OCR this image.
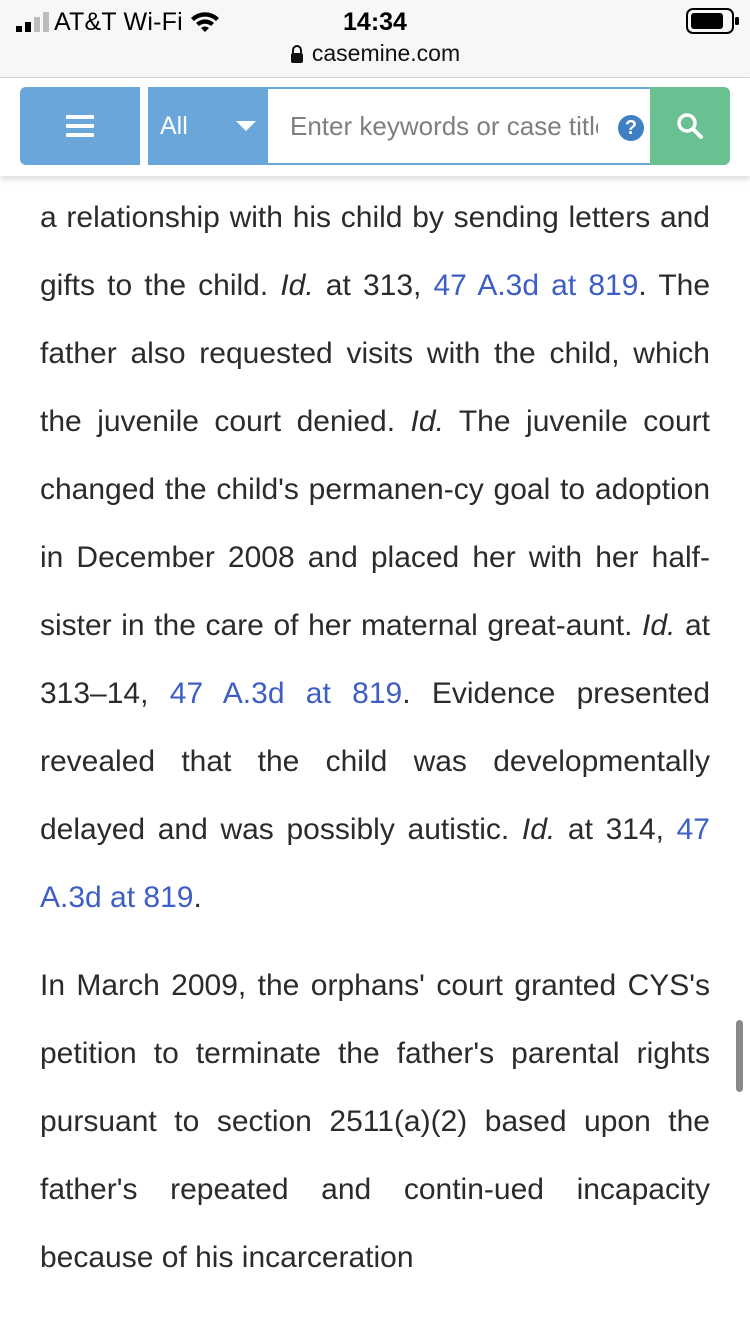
AT&T Wi-Fi	14:34
casemine.com
All
Enter keywords or case title	?

a relationship with his child by sending letters and gifts to the child. Id. at 313, 47 A.3d at 819. The father also requested visits with the child, which the juvenile court denied. Id. The juvenile court changed the child's permanen-cy goal to adoption in December 2008 and placed her with her half-sister in the care of her maternal great-aunt. Id. at 313–14, 47 A.3d at 819. Evidence presented revealed that the child was developmentally delayed and was possibly autistic. Id. at 314, 47 A.3d at 819.

In March 2009, the orphans' court granted CYS's petition to terminate the father's parental rights pursuant to section 2511(a)(2) based upon the father's repeated and contin-ued incapacity because of his incarceration
